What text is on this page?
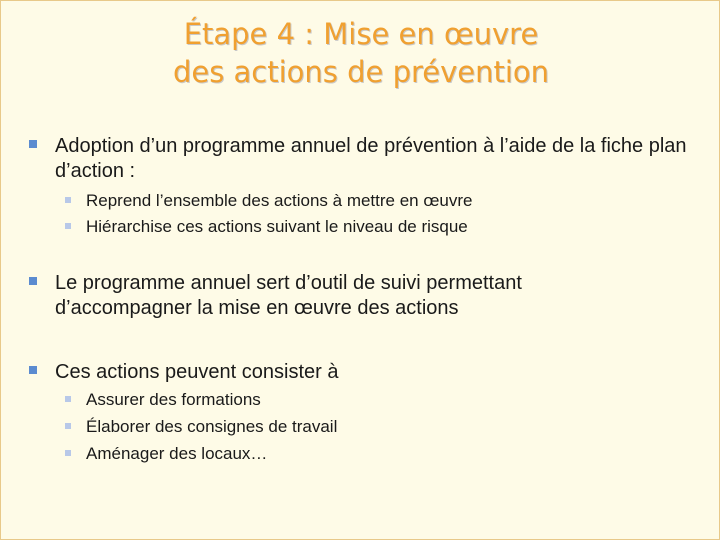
Étape 4 : Mise en œuvre
des actions de prévention
Adoption d’un programme annuel de prévention à l’aide de la fiche plan d’action :
Reprend l’ensemble des actions à mettre en œuvre
Hiérarchise ces actions suivant le niveau de risque
Le programme annuel sert d’outil de suivi permettant d’accompagner la mise en œuvre des actions
Ces actions peuvent consister à
Assurer des formations
Élaborer des consignes de travail
Aménager des locaux…
